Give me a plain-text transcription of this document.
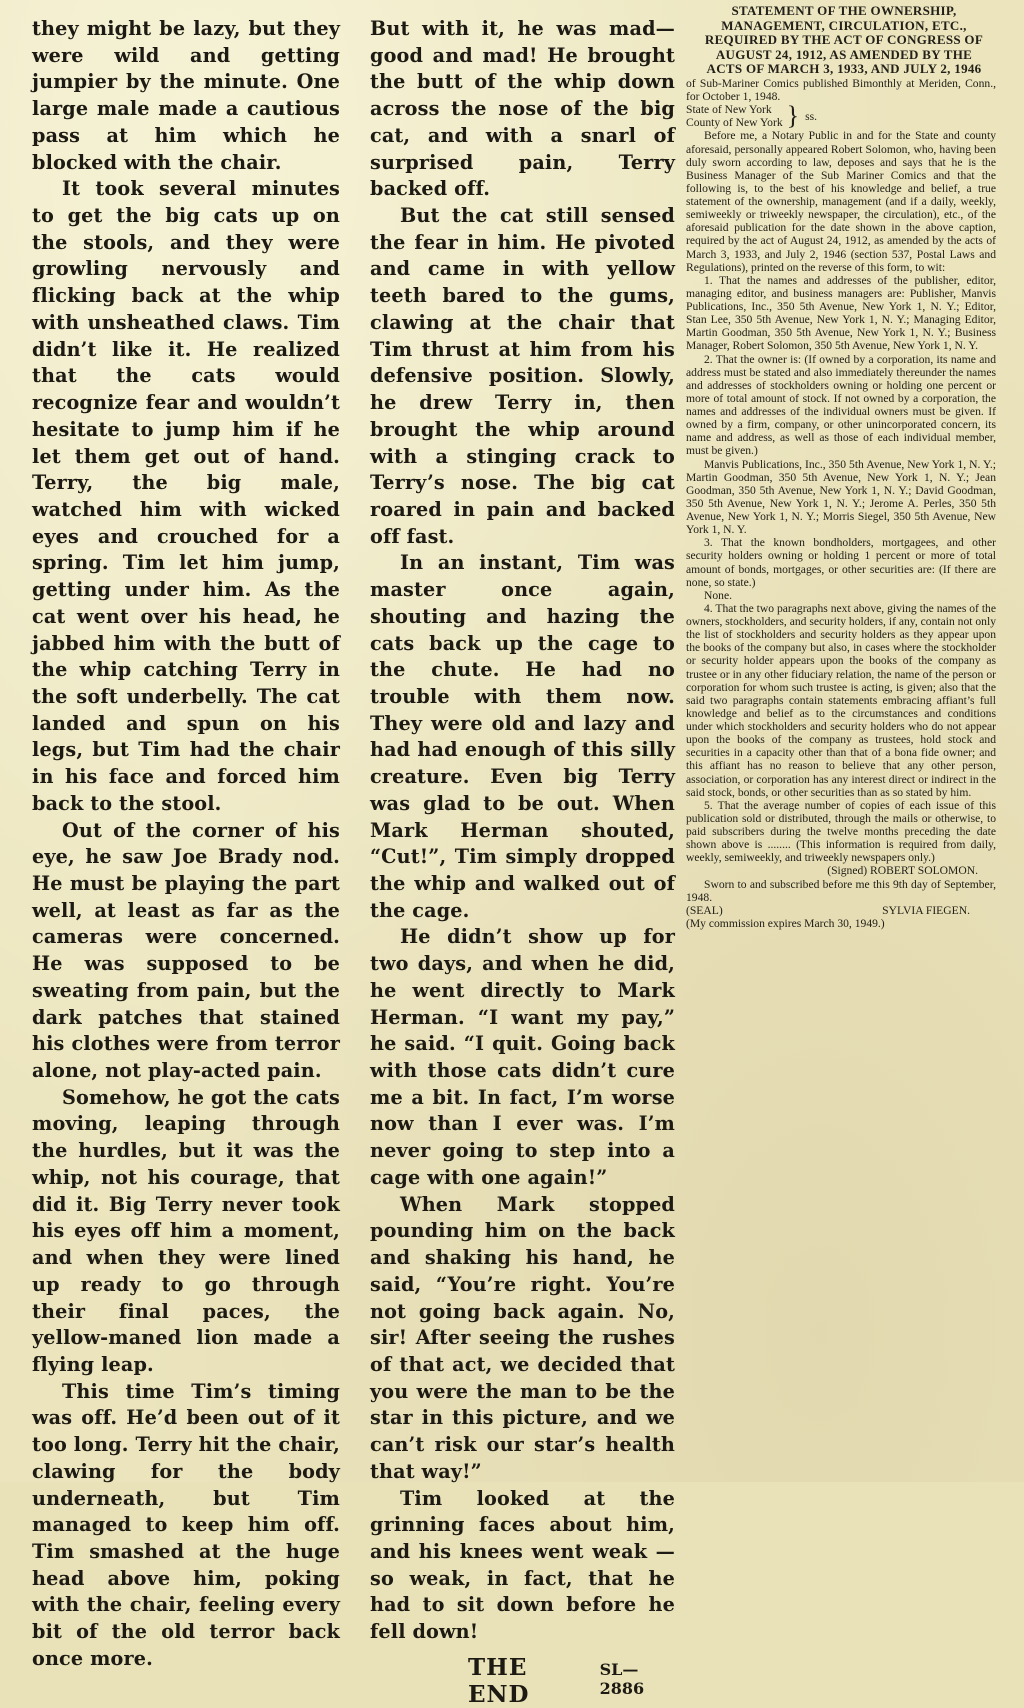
they might be lazy, but they were wild and getting jumpier by the minute. One large male made a cautious pass at him which he blocked with the chair.

It took several minutes to get the big cats up on the stools, and they were growling nervously and flicking back at the whip with unsheathed claws. Tim didn’t like it. He realized that the cats would recognize fear and wouldn’t hesitate to jump him if he let them get out of hand. Terry, the big male, watched him with wicked eyes and crouched for a spring. Tim let him jump, getting under him. As the cat went over his head, he jabbed him with the butt of the whip catching Terry in the soft underbelly. The cat landed and spun on his legs, but Tim had the chair in his face and forced him back to the stool.

Out of the corner of his eye, he saw Joe Brady nod. He must be playing the part well, at least as far as the cameras were concerned. He was supposed to be sweating from pain, but the dark patches that stained his clothes were from terror alone, not play-acted pain.

Somehow, he got the cats moving, leaping through the hurdles, but it was the whip, not his courage, that did it. Big Terry never took his eyes off him a moment, and when they were lined up ready to go through their final paces, the yellow-maned lion made a flying leap.

This time Tim’s timing was off. He’d been out of it too long. Terry hit the chair, clawing for the body underneath, but Tim managed to keep him off. Tim smashed at the huge head above him, poking with the chair, feeling every bit of the old terror back once more.

But with it, he was mad—good and mad! He brought the butt of the whip down across the nose of the big cat, and with a snarl of surprised pain, Terry backed off.

But the cat still sensed the fear in him. He pivoted and came in with yellow teeth bared to the gums, clawing at the chair that Tim thrust at him from his defensive position. Slowly, he drew Terry in, then brought the whip around with a stinging crack to Terry’s nose. The big cat roared in pain and backed off fast.

In an instant, Tim was master once again, shouting and hazing the cats back up the cage to the chute. He had no trouble with them now. They were old and lazy and had had enough of this silly creature. Even big Terry was glad to be out. When Mark Herman shouted, “Cut!”, Tim simply dropped the whip and walked out of the cage.

He didn’t show up for two days, and when he did, he went directly to Mark Herman. “I want my pay,” he said. “I quit. Going back with those cats didn’t cure me a bit. In fact, I’m worse now than I ever was. I’m never going to step into a cage with one again!”

When Mark stopped pounding him on the back and shaking his hand, he said, “You’re right. You’re not going back again. No, sir! After seeing the rushes of that act, we decided that you were the man to be the star in this picture, and we can’t risk our star’s health that way!”

Tim looked at the grinning faces about him, and his knees went weak — so weak, in fact, that he had to sit down before he fell down!

THE END
SL—2886
STATEMENT OF THE OWNERSHIP, MANAGEMENT, CIRCULATION, ETC., REQUIRED BY THE ACT OF CONGRESS OF AUGUST 24, 1912, AS AMENDED BY THE ACTS OF MARCH 3, 1933, AND JULY 2, 1946

of Sub-Mariner Comics published Bimonthly at Meriden, Conn., for October 1, 1948.

State of New York
County of New York } ss.

Before me, a Notary Public in and for the State and county aforesaid, personally appeared Robert Solomon, who, having been duly sworn according to law, deposes and says that he is the Business Manager of the Sub Mariner Comics and that the following is, to the best of his knowledge and belief, a true statement of the ownership, management (and if a daily, weekly, semiweekly or triweekly newspaper, the circulation), etc., of the aforesaid publication for the date shown in the above caption, required by the act of August 24, 1912, as amended by the acts of March 3, 1933, and July 2, 1946 (section 537, Postal Laws and Regulations), printed on the reverse of this form, to wit:

1. That the names and addresses of the publisher, editor, managing editor, and business managers are: Publisher, Manvis Publications, Inc., 350 5th Avenue, New York 1, N. Y.; Editor, Stan Lee, 350 5th Avenue, New York 1, N. Y.; Managing Editor, Martin Goodman, 350 5th Avenue, New York 1, N. Y.; Business Manager, Robert Solomon, 350 5th Avenue, New York 1, N. Y.

2. That the owner is: (If owned by a corporation, its name and address must be stated and also immediately thereunder the names and addresses of stockholders owning or holding one percent or more of total amount of stock. If not owned by a corporation, the names and addresses of the individual owners must be given. If owned by a firm, company, or other unincorporated concern, its name and address, as well as those of each individual member, must be given.)

Manvis Publications, Inc., 350 5th Avenue, New York 1, N. Y.; Martin Goodman, 350 5th Avenue, New York 1, N. Y.; Jean Goodman, 350 5th Avenue, New York 1, N. Y.; David Goodman, 350 5th Avenue, New York 1, N. Y.; Jerome A. Perles, 350 5th Avenue, New York 1, N. Y.; Morris Siegel, 350 5th Avenue, New York 1, N. Y.

3. That the known bondholders, mortgagees, and other security holders owning or holding 1 percent or more of total amount of bonds, mortgages, or other securities are: (If there are none, so state.)

None.

4. That the two paragraphs next above, giving the names of the owners, stockholders, and security holders, if any, contain not only the list of stockholders and security holders as they appear upon the books of the company but also, in cases where the stockholder or security holder appears upon the books of the company as trustee or in any other fiduciary relation, the name of the person or corporation for whom such trustee is acting, is given; also that the said two paragraphs contain statements embracing affiant’s full knowledge and belief as to the circumstances and conditions under which stockholders and security holders who do not appear upon the books of the company as trustees, hold stock and securities in a capacity other than that of a bona fide owner; and this affiant has no reason to believe that any other person, association, or corporation has any interest direct or indirect in the said stock, bonds, or other securities than as so stated by him.

5. That the average number of copies of each issue of this publication sold or distributed, through the mails or otherwise, to paid subscribers during the twelve months preceding the date shown above is ........ (This information is required from daily, weekly, semiweekly, and triweekly newspapers only.)

(Signed) ROBERT SOLOMON.

Sworn to and subscribed before me this 9th day of September, 1948.

(SEAL)	SYLVIA FIEGEN.

(My commission expires March 30, 1949.)
